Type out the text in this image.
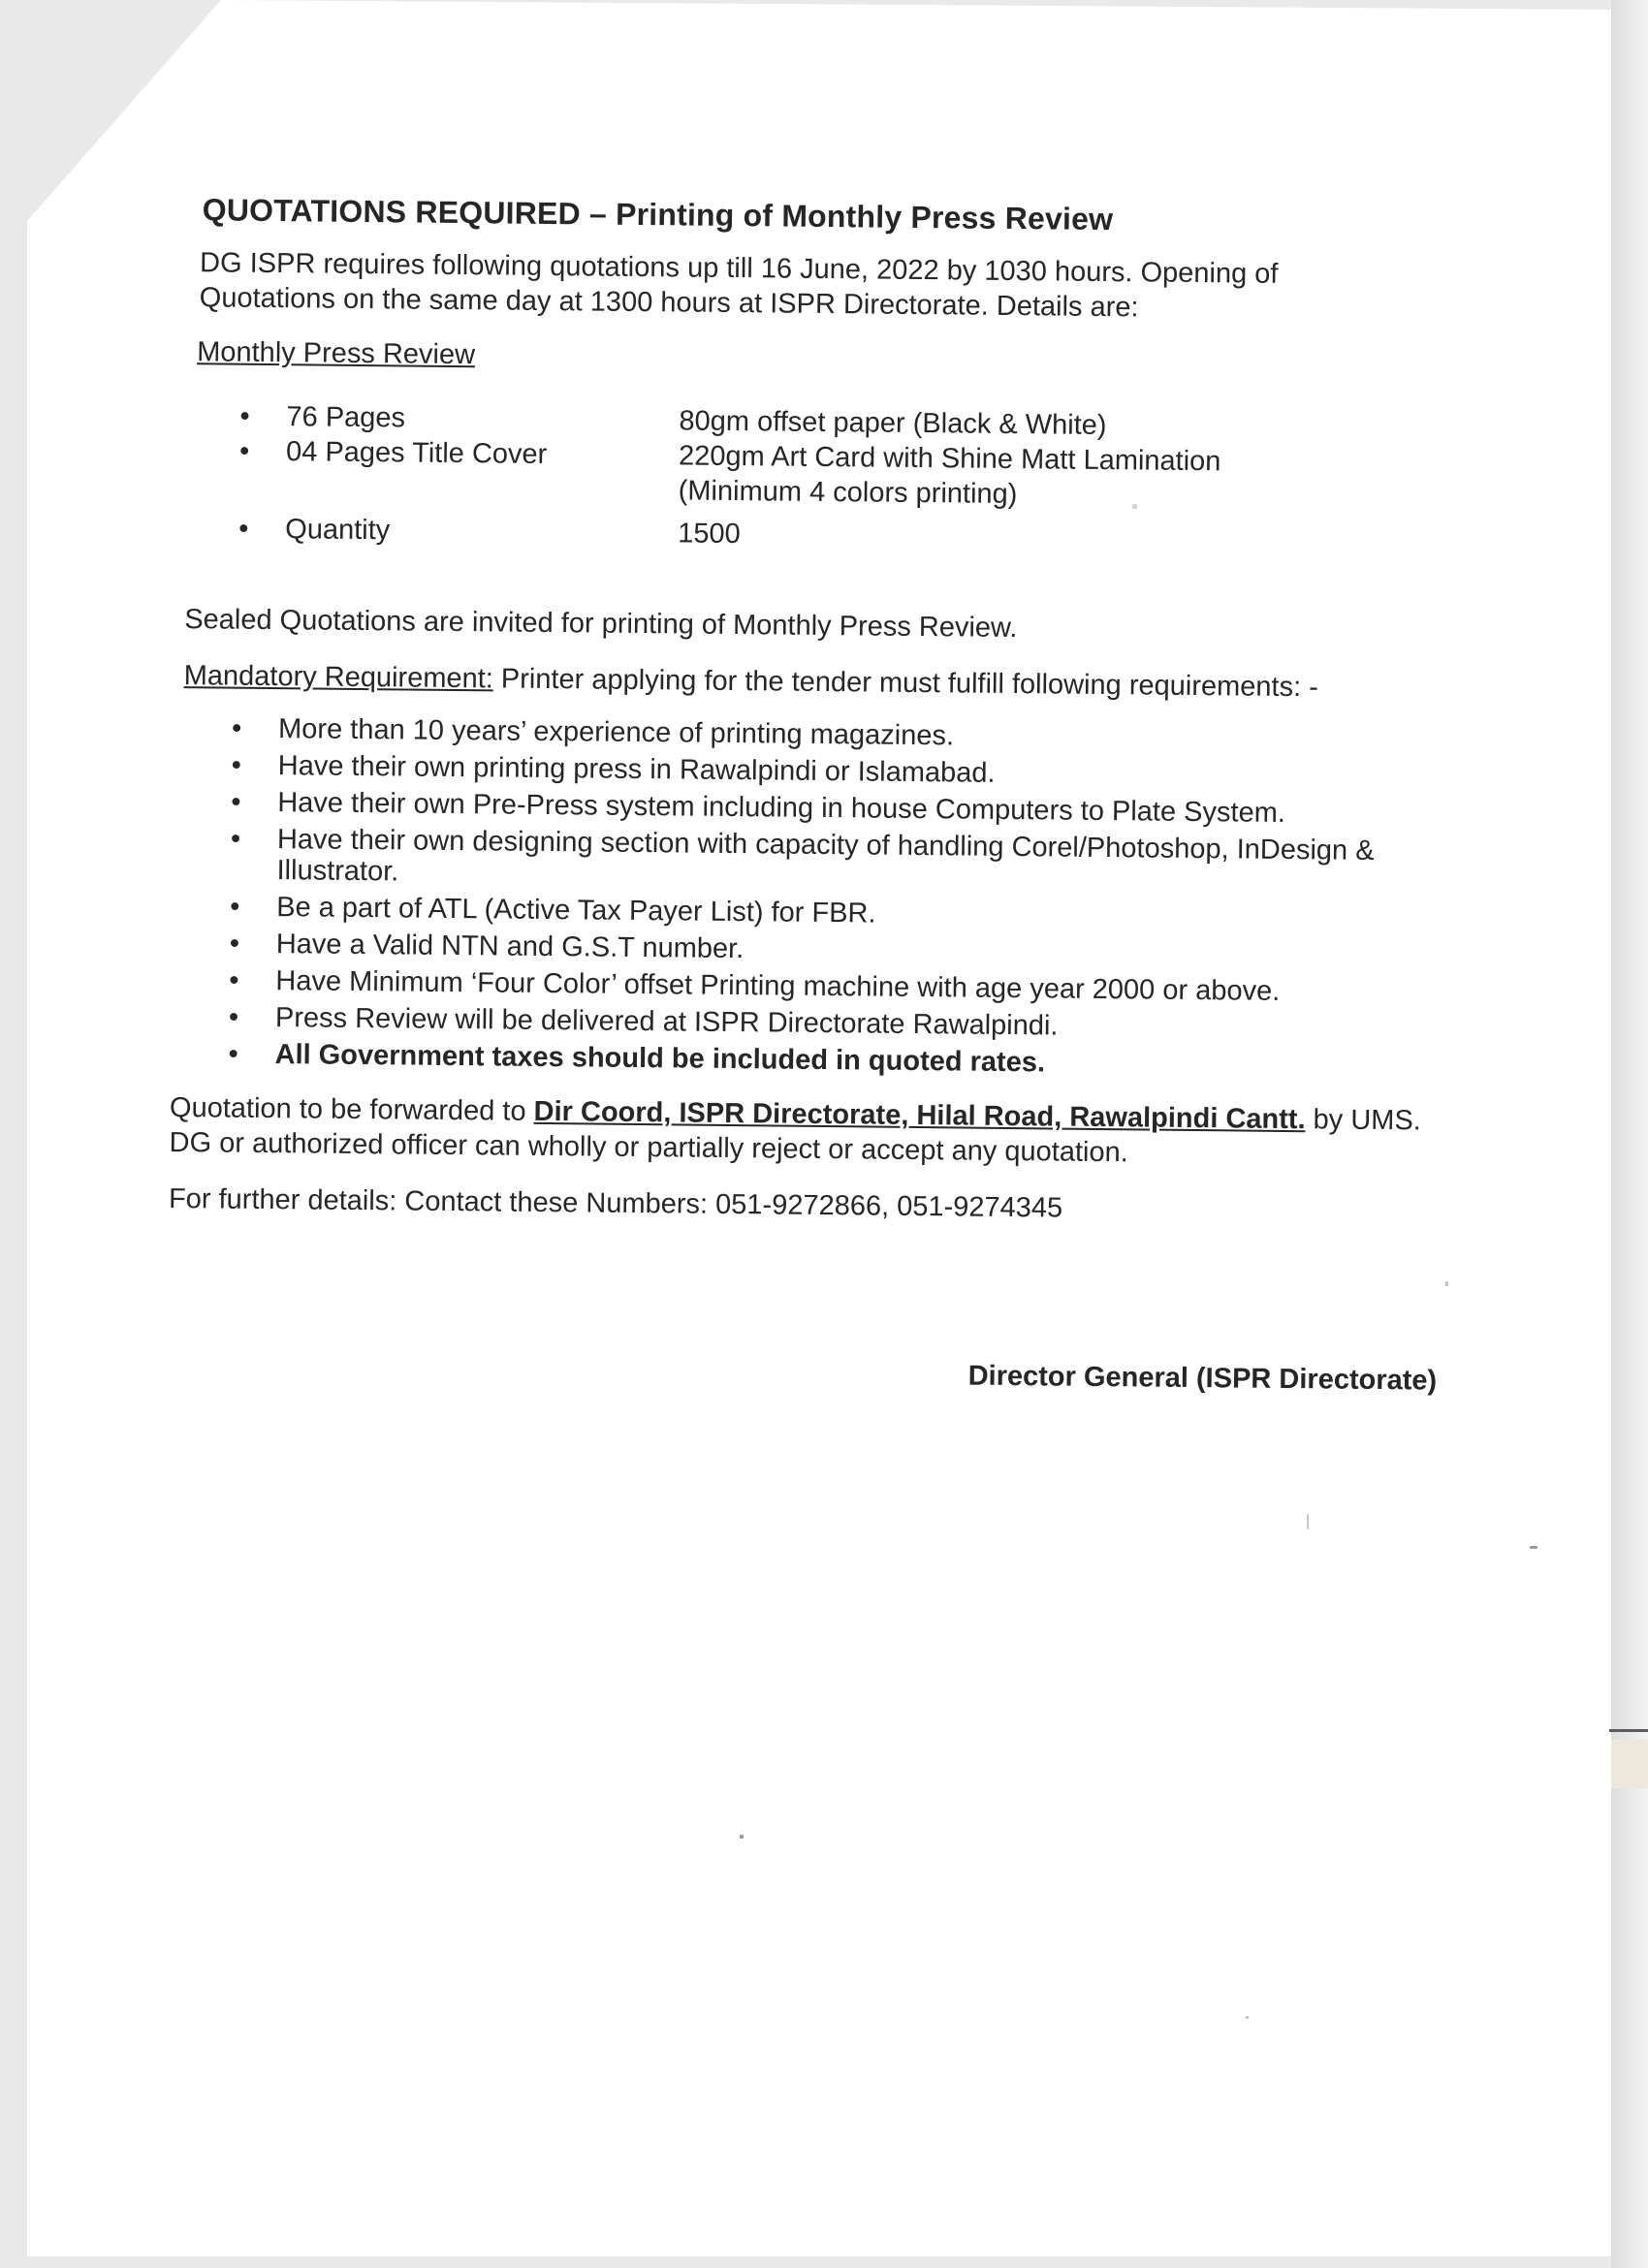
QUOTATIONS REQUIRED – Printing of Monthly Press Review

DG ISPR requires following quotations up till 16 June, 2022 by 1030 hours. Opening of Quotations on the same day at 1300 hours at ISPR Directorate. Details are:

Monthly Press Review

•	76 Pages	80gm offset paper (Black & White)
•	04 Pages Title Cover	220gm Art Card with Shine Matt Lamination
(Minimum 4 colors printing)
•	Quantity	1500

Sealed Quotations are invited for printing of Monthly Press Review.

Mandatory Requirement: Printer applying for the tender must fulfill following requirements: -

•	More than 10 years’ experience of printing magazines.
•	Have their own printing press in Rawalpindi or Islamabad.
•	Have their own Pre-Press system including in house Computers to Plate System.
•	Have their own designing section with capacity of handling Corel/Photoshop, InDesign & Illustrator.
•	Be a part of ATL (Active Tax Payer List) for FBR.
•	Have a Valid NTN and G.S.T number.
•	Have Minimum ‘Four Color’ offset Printing machine with age year 2000 or above.
•	Press Review will be delivered at ISPR Directorate Rawalpindi.
•	All Government taxes should be included in quoted rates.

Quotation to be forwarded to Dir Coord, ISPR Directorate, Hilal Road, Rawalpindi Cantt. by UMS. DG or authorized officer can wholly or partially reject or accept any quotation.

For further details: Contact these Numbers: 051-9272866, 051-9274345

Director General (ISPR Directorate)
